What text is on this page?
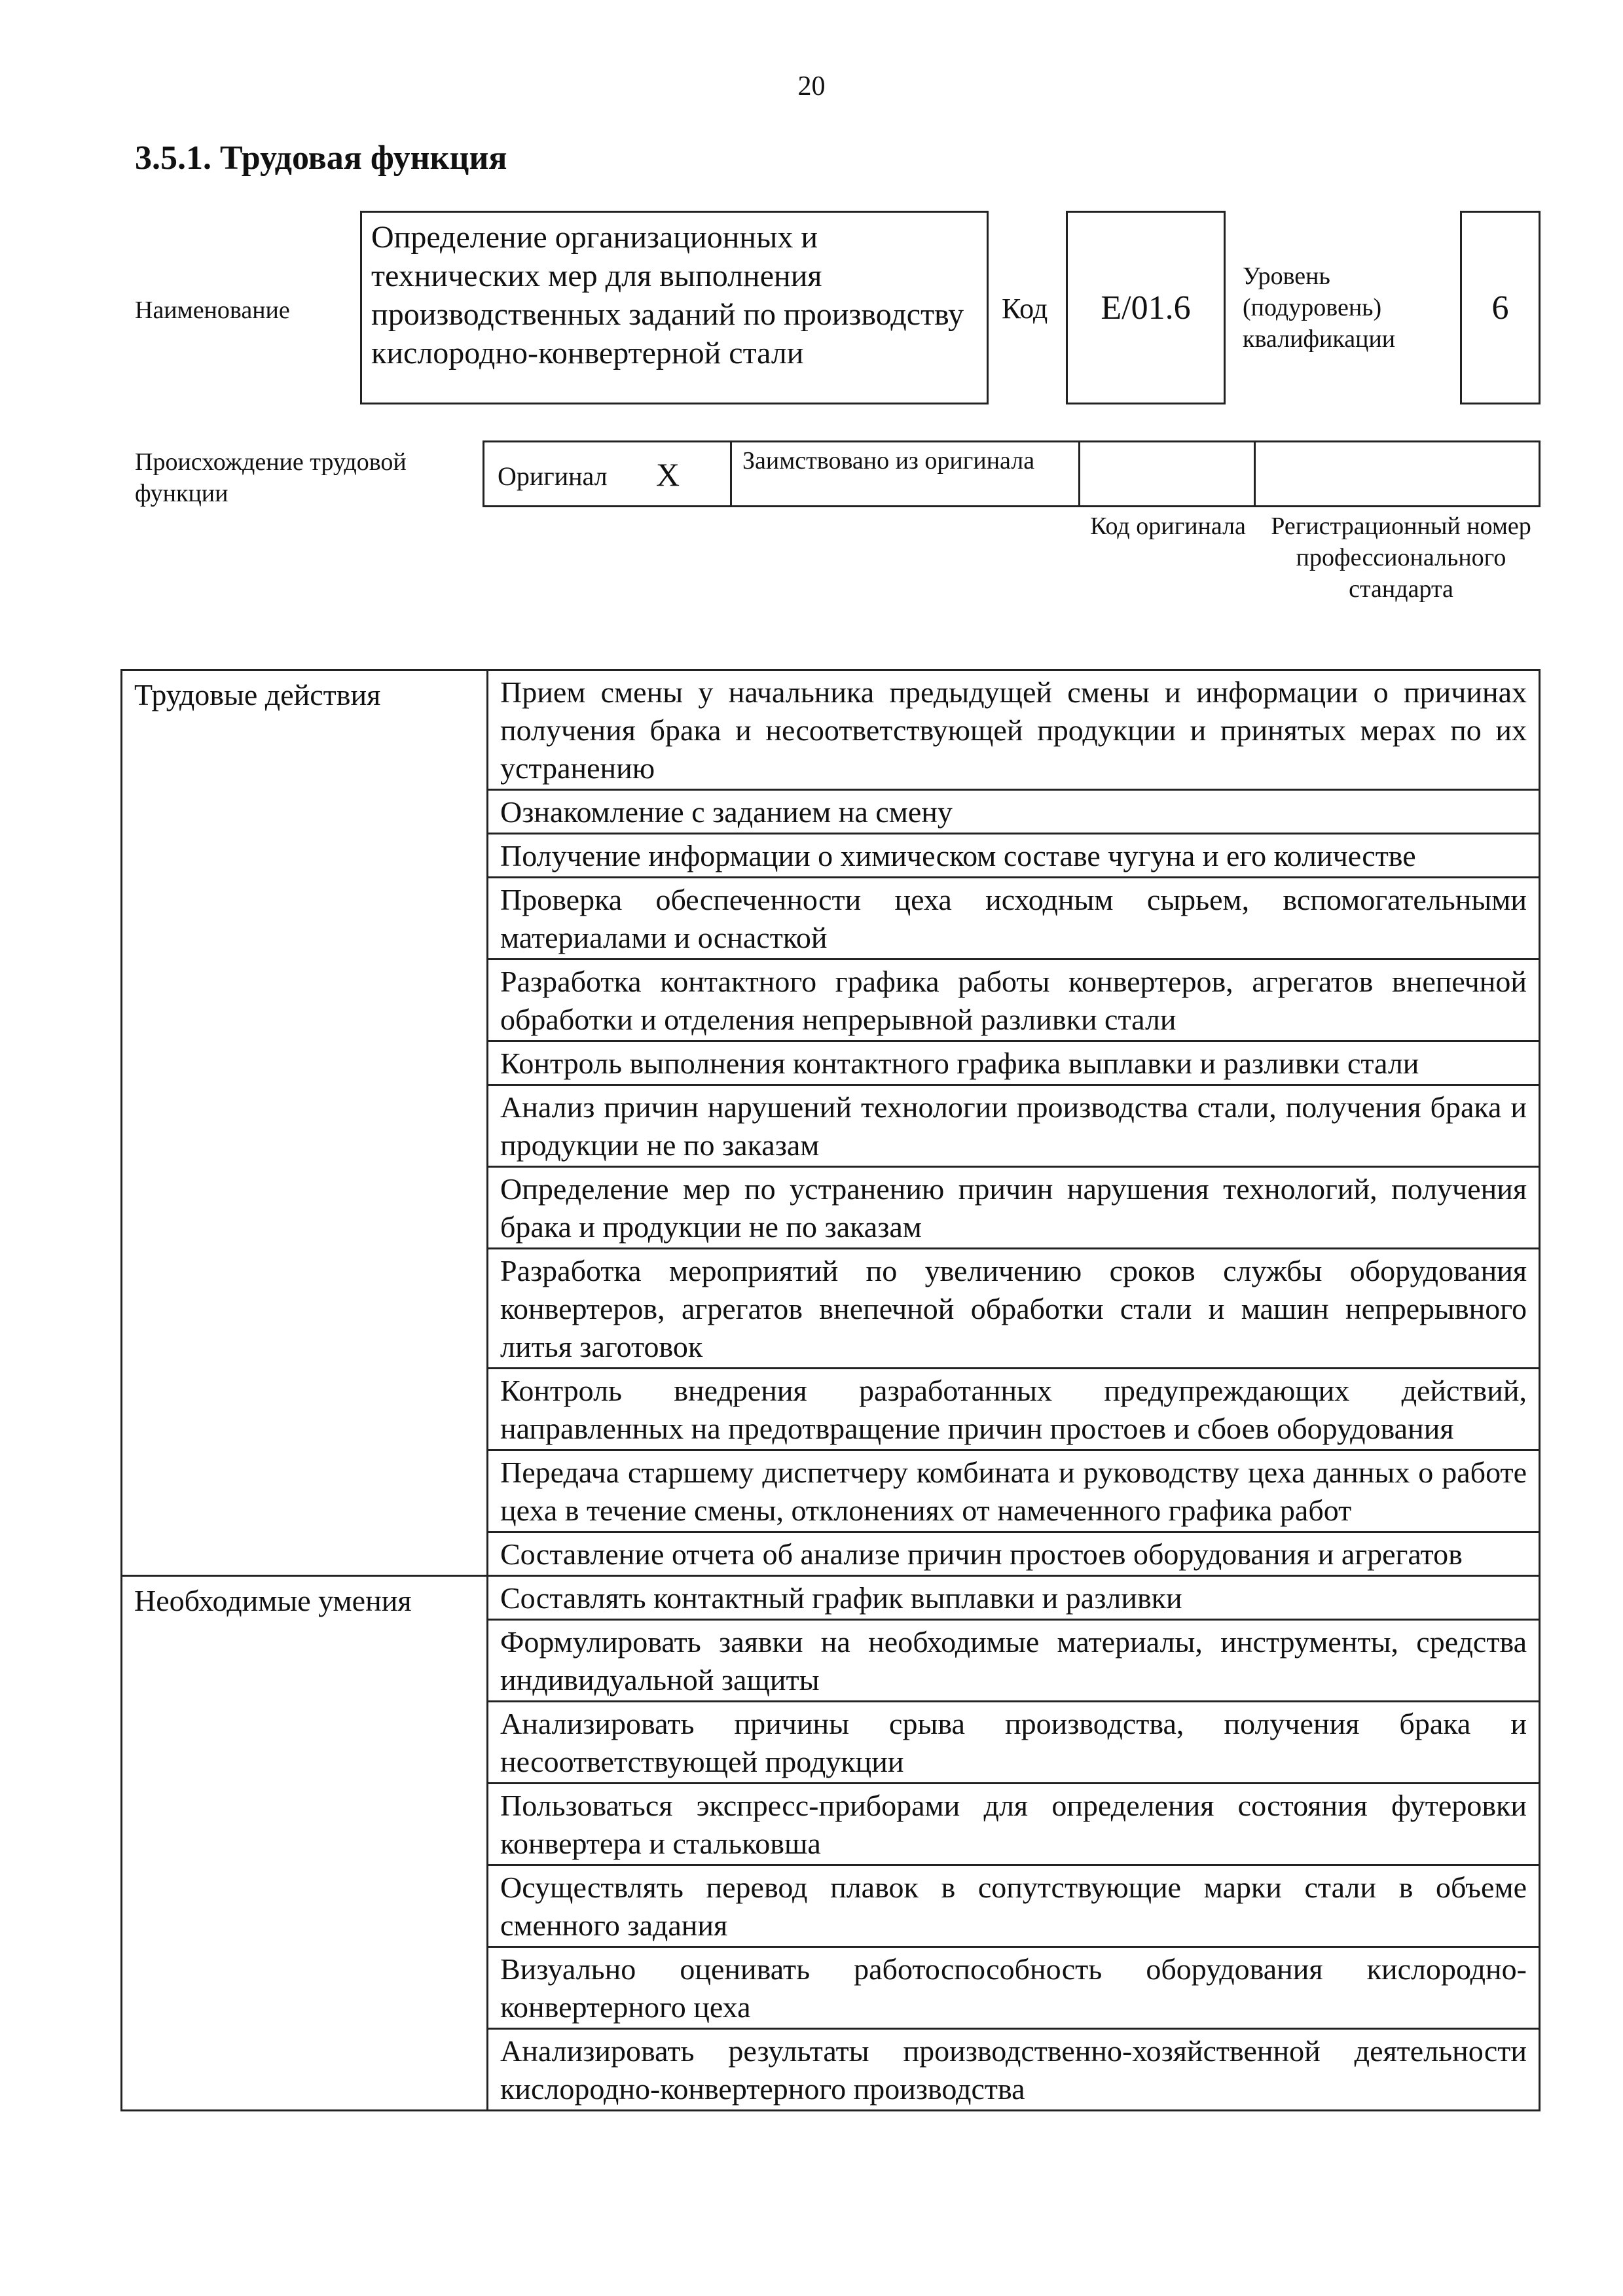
20
3.5.1. Трудовая функция
Наименование
Определение организационных и технических мер для выполнения производственных заданий по производству кислородно-конвертерной стали
Код E/01.6
Уровень (подуровень) квалификации
6
Происхождение трудовой функции
Оригинал X	Заимствовано из оригинала
Код оригинала	Регистрационный номер профессионального стандарта
Трудовые действия	Прием смены у начальника предыдущей смены и информации о причинах получения брака и несоответствующей продукции и принятых мерах по их устранению
	Ознакомление с заданием на смену
	Получение информации о химическом составе чугуна и его количестве
	Проверка обеспеченности цеха исходным сырьем, вспомогательными материалами и оснасткой
	Разработка контактного графика работы конвертеров, агрегатов внепечной обработки и отделения непрерывной разливки стали
	Контроль выполнения контактного графика выплавки и разливки стали
	Анализ причин нарушений технологии производства стали, получения брака и продукции не по заказам
	Определение мер по устранению причин нарушения технологий, получения брака и продукции не по заказам
	Разработка мероприятий по увеличению сроков службы оборудования конвертеров, агрегатов внепечной обработки стали и машин непрерывного литья заготовок
	Контроль внедрения разработанных предупреждающих действий, направленных на предотвращение причин простоев и сбоев оборудования
	Передача старшему диспетчеру комбината и руководству цеха данных о работе цеха в течение смены, отклонениях от намеченного графика работ
	Составление отчета об анализе причин простоев оборудования и агрегатов
Необходимые умения	Составлять контактный график выплавки и разливки
	Формулировать заявки на необходимые материалы, инструменты, средства индивидуальной защиты
	Анализировать причины срыва производства, получения брака и несоответствующей продукции
	Пользоваться экспресс-приборами для определения состояния футеровки конвертера и стальковша
	Осуществлять перевод плавок в сопутствующие марки стали в объеме сменного задания
	Визуально оценивать работоспособность оборудования кислородно-конвертерного цеха
	Анализировать результаты производственно-хозяйственной деятельности кислородно-конвертерного производства
